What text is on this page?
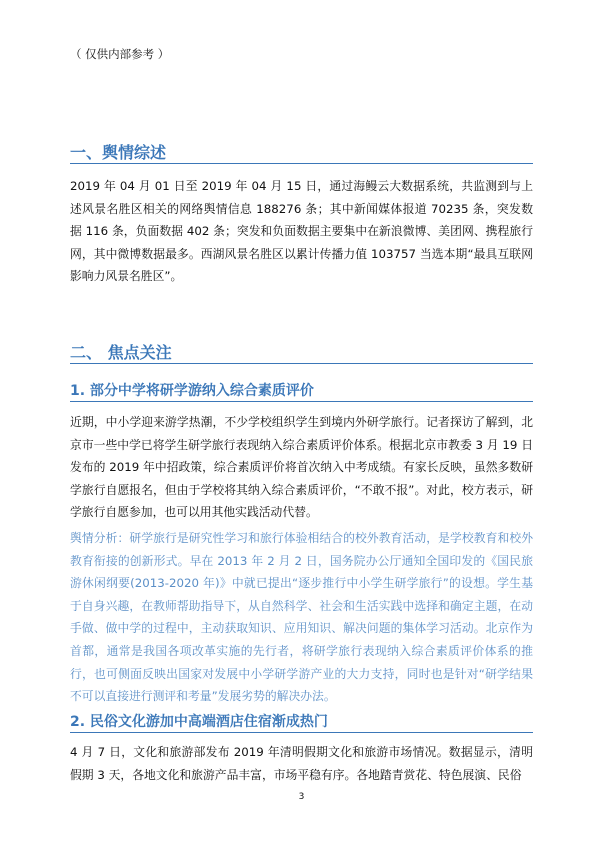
（ 仅供内部参考 ）
一、舆情综述

2019 年 04 月 01 日至 2019 年 04 月 15 日，通过海鳗云大数据系统，共监测到与上述风景名胜区相关的网络舆情信息 188276 条；其中新闻媒体报道 70235 条，突发数据 116 条，负面数据 402 条；突发和负面数据主要集中在新浪微博、美团网、携程旅行网，其中微博数据最多。西湖风景名胜区以累计传播力值 103757 当选本期“最具互联网影响力风景名胜区”。

二、 焦点关注
1. 部分中学将研学游纳入综合素质评价

近期，中小学迎来游学热潮，不少学校组织学生到境内外研学旅行。记者探访了解到，北京市一些中学已将学生研学旅行表现纳入综合素质评价体系。根据北京市教委 3 月 19 日发布的 2019 年中招政策，综合素质评价将首次纳入中考成绩。有家长反映，虽然多数研学旅行自愿报名，但由于学校将其纳入综合素质评价，“不敢不报”。对此，校方表示，研学旅行自愿参加，也可以用其他实践活动代替。

舆情分析：研学旅行是研究性学习和旅行体验相结合的校外教育活动，是学校教育和校外教育衔接的创新形式。早在 2013 年 2 月 2 日，国务院办公厅通知全国印发的《国民旅游休闲纲要(2013-2020 年)》中就已提出“逐步推行中小学生研学旅行”的设想。学生基于自身兴趣，在教师帮助指导下，从自然科学、社会和生活实践中选择和确定主题，在动手做、做中学的过程中，主动获取知识、应用知识、解决问题的集体学习活动。北京作为首都，通常是我国各项改革实施的先行者，将研学旅行表现纳入综合素质评价体系的推行，也可侧面反映出国家对发展中小学研学游产业的大力支持，同时也是针对“研学结果不可以直接进行测评和考量”发展劣势的解决办法。

2. 民俗文化游加中高端酒店住宿渐成热门

4 月 7 日，文化和旅游部发布 2019 年清明假期文化和旅游市场情况。数据显示，清明假期 3 天，各地文化和旅游产品丰富，市场平稳有序。各地踏青赏花、特色展演、民俗

3
